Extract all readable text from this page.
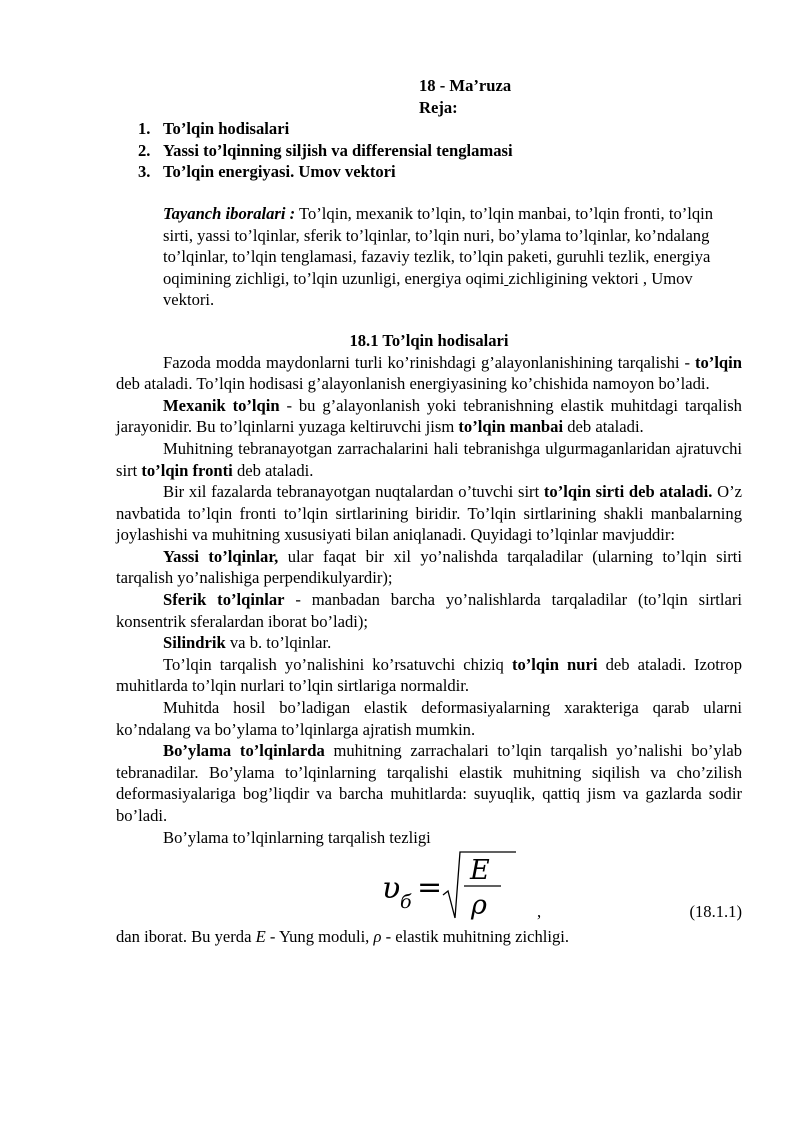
18 - Ma’ruza
Reja:
1. To’lqin hodisalari
2. Yassi to’lqinning siljish va differensial tenglamasi
3. To’lqin energiyasi. Umov vektori
Tayanch iboralari : To’lqin, mexanik to’lqin, to’lqin manbai, to’lqin fronti, to’lqin sirti, yassi to’lqinlar, sferik to’lqinlar, to’lqin nuri, bo’ylama to’lqinlar, ko’ndalang to’lqinlar, to’lqin tenglamasi, fazaviy tezlik, to’lqin paketi, guruhli tezlik, energiya oqimining zichligi, to’lqin uzunligi, energiya oqimi zichligining vektori , Umov vektori.
18.1 To’lqin hodisalari

Fazoda modda maydonlarni turli ko’rinishdagi g’alayonlanishining tarqalishi - to’lqin deb ataladi. To’lqin hodisasi g’alayonlanish energiyasining ko’chishida namoyon bo’ladi.

Mexanik to’lqin - bu g’alayonlanish yoki tebranishning elastik muhitdagi tarqalish jarayonidir. Bu to’lqinlarni yuzaga keltiruvchi jism to’lqin manbai deb ataladi.

Muhitning tebranayotgan zarrachalarini hali tebranishga ulgurmaganlaridan ajratuvchi sirt to’lqin fronti deb ataladi.

Bir xil fazalarda tebranayotgan nuqtalardan o’tuvchi sirt to’lqin sirti deb ataladi. O’z navbatida to’lqin fronti to’lqin sirtlarining biridir. To’lqin sirtlarining shakli manbalarning joylashishi va muhitning xususiyati bilan aniqlanadi. Quyidagi to’lqinlar mavjuddir:

Yassi to’lqinlar, ular faqat bir xil yo’nalishda tarqaladilar (ularning to’lqin sirti tarqalish yo’nalishiga perpendikulyardir);

Sferik to’lqinlar - manbadan barcha yo’nalishlarda tarqaladilar (to’lqin sirtlari konsentrik sferalardan iborat bo’ladi);

Silindrik va b. to’lqinlar.

To’lqin tarqalish yo’nalishini ko’rsatuvchi chiziq to’lqin nuri deb ataladi. Izotrop muhitlarda to’lqin nurlari to’lqin sirtlariga normaldir.

Muhitda hosil bo’ladigan elastik deformasiyalarning xarakteriga qarab ularni ko’ndalang va bo’ylama to’lqinlarga ajratish mumkin.

Bo’ylama to’lqinlarda muhitning zarrachalari to’lqin tarqalish yo’nalishi bo’ylab tebranadilar. Bo’ylama to’lqinlarning tarqalishi elastik muhitning siqilish va cho’zilish deformasiyalariga bog’liqdir va barcha muhitlarda: suyuqlik, qattiq jism va gazlarda sodir bo’ladi.

Bo’ylama to’lqinlarning tarqalish tezligi

υ б = E
ρ	,	(18.1.1)

dan iborat. Bu yerda E - Yung moduli, ρ - elastik muhitning zichligi.
